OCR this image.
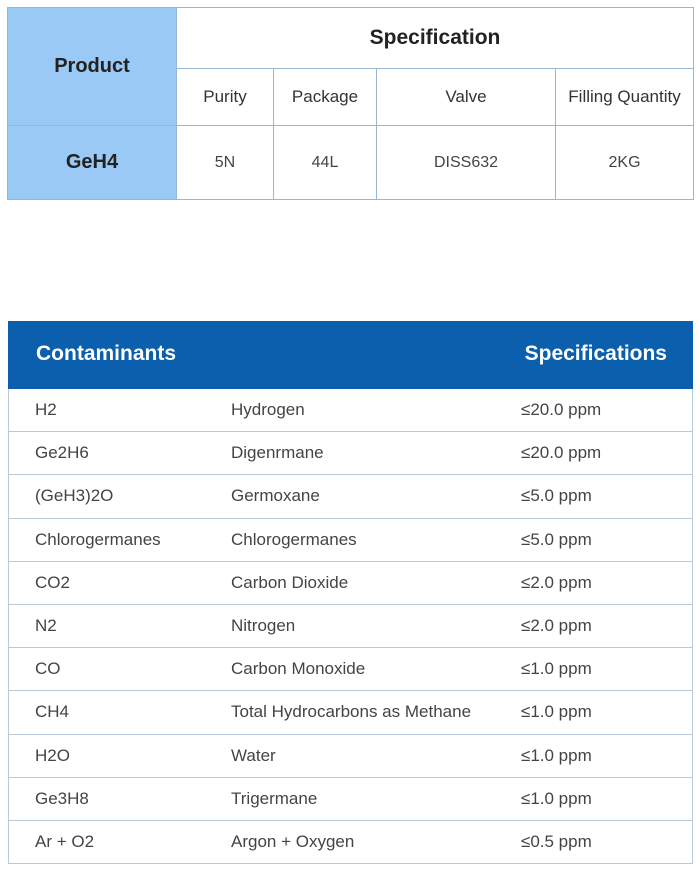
Product	Specification			
	Purity	Package	Valve	Filling Quantity
GeH4	5N	44L	DISS632	2KG
Contaminants	Specifications
H2	Hydrogen	≤20.0 ppm
Ge2H6	Digenrmane	≤20.0 ppm
(GeH3)2O	Germoxane	≤5.0 ppm
Chlorogermanes	Chlorogermanes	≤5.0 ppm
CO2	Carbon Dioxide	≤2.0 ppm
N2	Nitrogen	≤2.0 ppm
CO	Carbon Monoxide	≤1.0 ppm
CH4	Total Hydrocarbons as Methane	≤1.0 ppm
H2O	Water	≤1.0 ppm
Ge3H8	Trigermane	≤1.0 ppm
Ar + O2	Argon + Oxygen	≤0.5 ppm
